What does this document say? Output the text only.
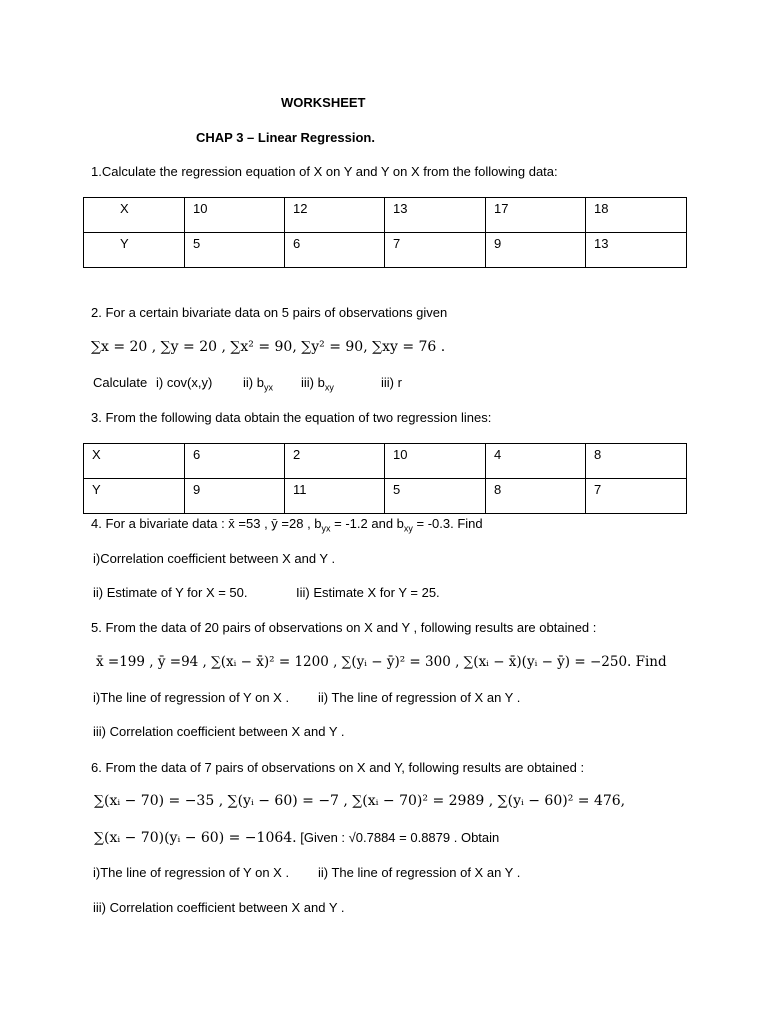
WORKSHEET
CHAP 3 – Linear Regression.
1.Calculate the regression equation of X on Y and Y on X from the following data:
X	10	12	13	17	18
Y	5	6	7	9	13
2. For a certain bivariate data on 5 pairs of observations given
∑x = 20 , ∑y = 20 , ∑x² = 90, ∑y² = 90, ∑xy = 76 .
Calculate i) cov(x,y) ii) $b_{yx}$ iii) $b_{xy}$	iii) r
3. From the following data obtain the equation of two regression lines:
X	6	2	10	4	8
Y	9	11	5	8	7
4. For a bivariate data : x̄ =53 , ȳ =28 , $b_{yx} = -1.2$ and $b_{xy} = -0.3$. Find
i)Correlation coefficient between X and Y .
ii) Estimate of Y for X = 50.	Iii) Estimate X for Y = 25.
5. From the data of 20 pairs of observations on X and Y , following results are obtained :
x̄ =199 , ȳ =94 , ∑(xᵢ − x̄)² = 1200 , ∑(yᵢ − ȳ)² = 300 , ∑(xᵢ − x̄)(yᵢ − ȳ) = −250. Find
i)The line of regression of Y on X . ii) The line of regression of X an Y .
iii) Correlation coefficient between X and Y .
6. From the data of 7 pairs of observations on X and Y, following results are obtained :
∑(xᵢ − 70) = −35 , ∑(yᵢ − 60) = −7 , ∑(xᵢ − 70)² = 2989 , ∑(yᵢ − 60)² = 476,
∑(xᵢ − 70)(yᵢ − 60) = −1064. [Given : √0.7884 = 0.8879 . Obtain
i)The line of regression of Y on X . ii) The line of regression of X an Y .
iii) Correlation coefficient between X and Y .
